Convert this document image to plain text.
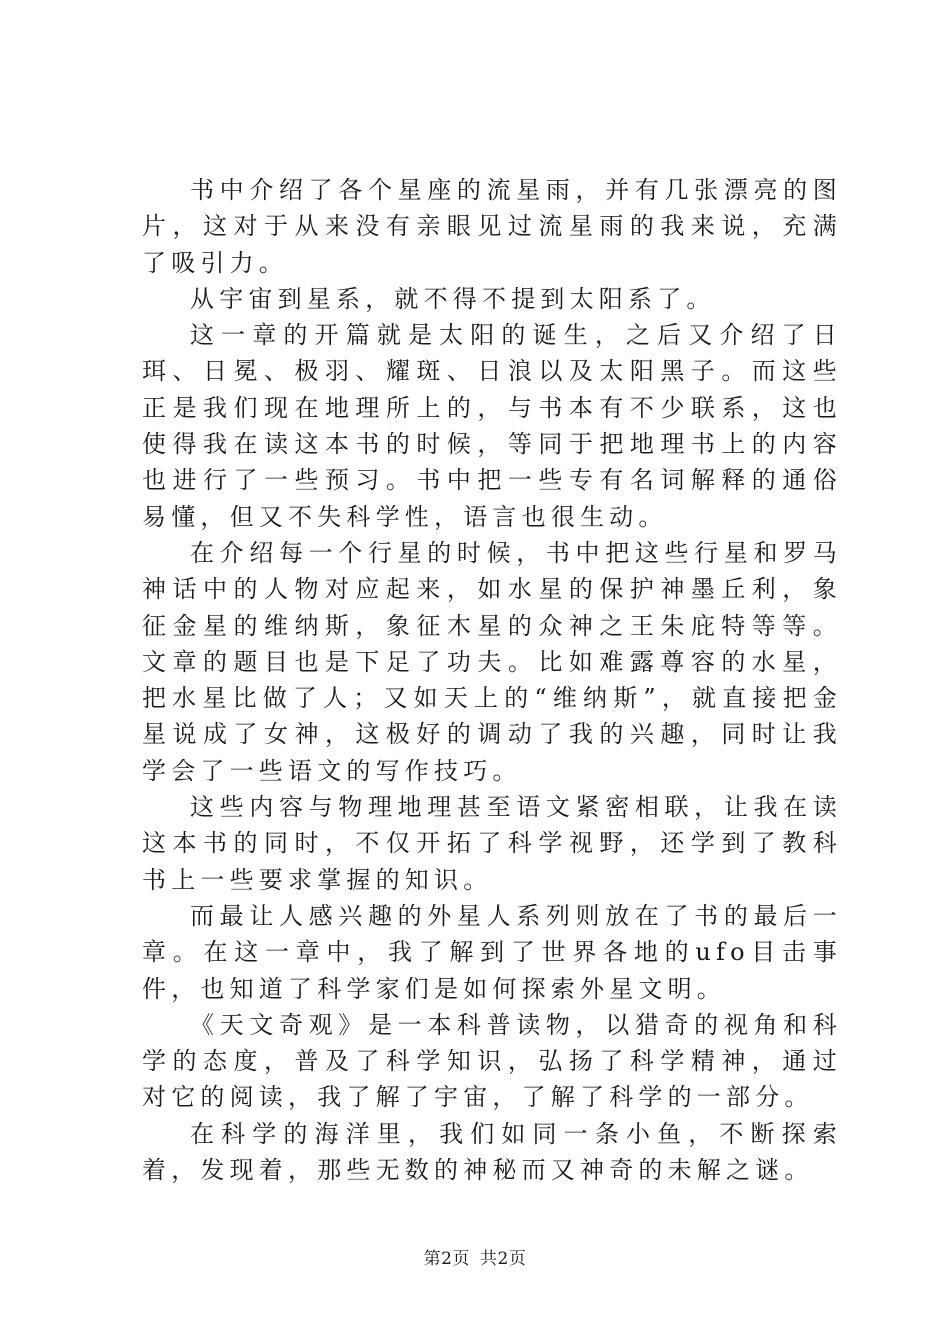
书中介绍了各个星座的流星雨，并有几张漂亮的图片，这对于从来没有亲眼见过流星雨的我来说，充满了吸引力。

从宇宙到星系，就不得不提到太阳系了。

这一章的开篇就是太阳的诞生，之后又介绍了日珥、日冕、极羽、耀斑、日浪以及太阳黑子。而这些正是我们现在地理所上的，与书本有不少联系，这也使得我在读这本书的时候，等同于把地理书上的内容也进行了一些预习。书中把一些专有名词解释的通俗易懂，但又不失科学性，语言也很生动。

在介绍每一个行星的时候，书中把这些行星和罗马神话中的人物对应起来，如水星的保护神墨丘利，象征金星的维纳斯，象征木星的众神之王朱庇特等等。文章的题目也是下足了功夫。比如难露尊容的水星，把水星比做了人；又如天上的“维纳斯”，就直接把金星说成了女神，这极好的调动了我的兴趣，同时让我学会了一些语文的写作技巧。

这些内容与物理地理甚至语文紧密相联，让我在读这本书的同时，不仅开拓了科学视野，还学到了教科书上一些要求掌握的知识。

而最让人感兴趣的外星人系列则放在了书的最后一章。在这一章中，我了解到了世界各地的ufo目击事件，也知道了科学家们是如何探索外星文明。

《天文奇观》是一本科普读物，以猎奇的视角和科学的态度，普及了科学知识，弘扬了科学精神，通过对它的阅读，我了解了宇宙，了解了科学的一部分。

在科学的海洋里，我们如同一条小鱼，不断探索着，发现着，那些无数的神秘而又神奇的未解之谜。

第2页 共2页
